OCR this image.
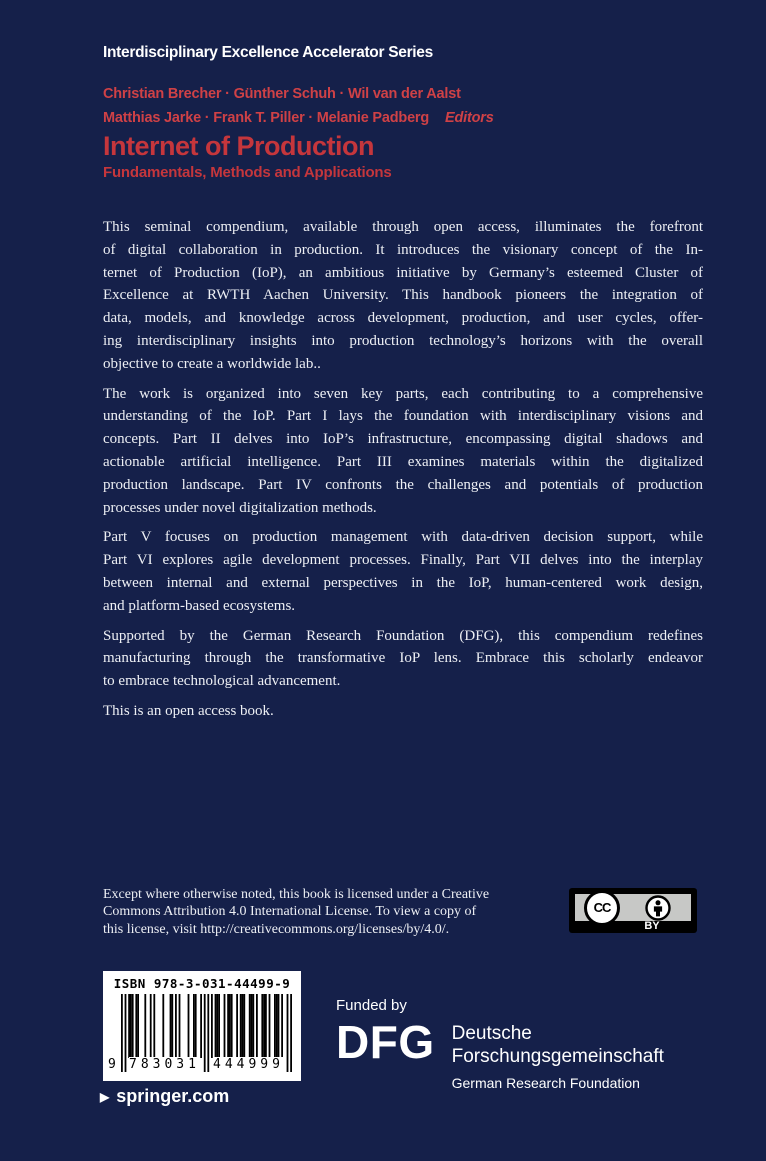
Interdisciplinary Excellence Accelerator Series
Christian Brecher · Günther Schuh · Wil van der Aalst
Matthias Jarke · Frank T. Piller · Melanie Padberg Editors
Internet of Production
Fundamentals, Methods and Applications
This seminal compendium, available through open access, illuminates the forefront
of digital collaboration in production. It introduces the visionary concept of the In-
ternet of Production (IoP), an ambitious initiative by Germany’s esteemed Cluster of
Excellence at RWTH Aachen University. This handbook pioneers the integration of
data, models, and knowledge across development, production, and user cycles, offer-
ing interdisciplinary insights into production technology’s horizons with the overall
objective to create a worldwide lab..
The work is organized into seven key parts, each contributing to a comprehensive
understanding of the IoP. Part I lays the foundation with interdisciplinary visions and
concepts. Part II delves into IoP’s infrastructure, encompassing digital shadows and
actionable artificial intelligence. Part III examines materials within the digitalized
production landscape. Part IV confronts the challenges and potentials of production
processes under novel digitalization methods.
Part V focuses on production management with data-driven decision support, while
Part VI explores agile development processes. Finally, Part VII delves into the interplay
between internal and external perspectives in the IoP, human-centered work design,
and platform-based ecosystems.
Supported by the German Research Foundation (DFG), this compendium redefines
manufacturing through the transformative IoP lens. Embrace this scholarly endeavor
to embrace technological advancement.
This is an open access book.
Except where otherwise noted, this book is licensed under a Creative
Commons Attribution 4.0 International License. To view a copy of
this license, visit http://creativecommons.org/licenses/by/4.0/.
CC
BY
ISBN 978-3-031-44499-9
9 783031 444999
Funded by
DFG Deutsche
Forschungsgemeinschaft
German Research Foundation
▶ springer.com
